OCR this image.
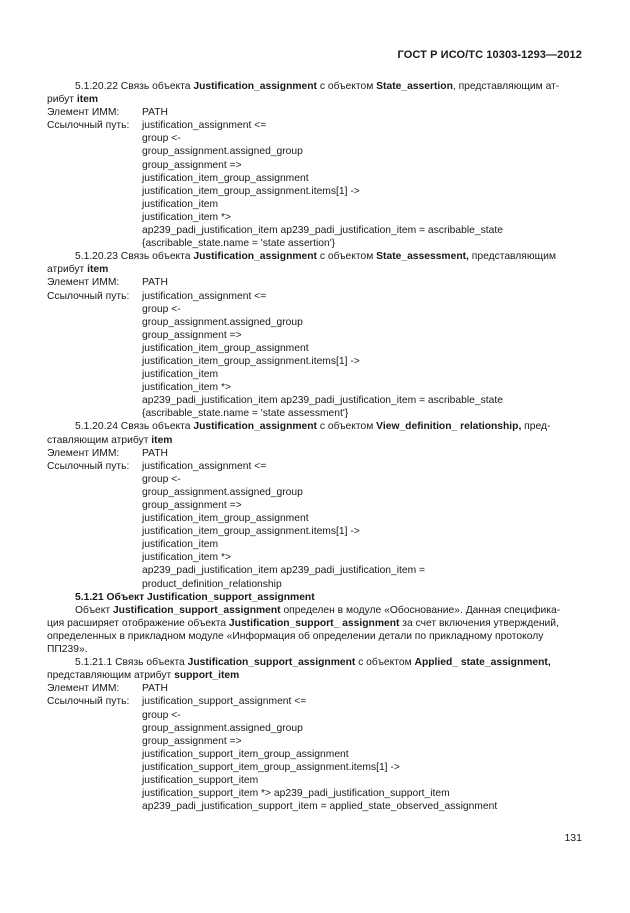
ГОСТ Р ИСО/ТС 10303-1293—2012

5.1.20.22 Связь объекта Justification_assignment с объектом State_assertion, представляющим ат-

рибут item

Элемент ИММ:	PATH
Ссылочный путь:	justification_assignment <=
group <-
group_assignment.assigned_group
group_assignment =>
justification_item_group_assignment
justification_item_group_assignment.items[1] ->
justification_item
justification_item *>
ap239_padi_justification_item ap239_padi_justification_item = ascribable_state
{ascribable_state.name = 'state assertion'}

5.1.20.23 Связь объекта Justification_assignment с объектом State_assessment, представляющим

атрибут item

Элемент ИММ:	PATH
Ссылочный путь:	justification_assignment <=
group <-
group_assignment.assigned_group
group_assignment =>
justification_item_group_assignment
justification_item_group_assignment.items[1] ->
justification_item
justification_item *>
ap239_padi_justification_item ap239_padi_justification_item = ascribable_state
{ascribable_state.name = 'state assessment'}

5.1.20.24 Связь объекта Justification_assignment с объектом View_definition_ relationship, пред-

ставляющим атрибут item

Элемент ИММ:	PATH
Ссылочный путь:	justification_assignment <=
group <-
group_assignment.assigned_group
group_assignment =>
justification_item_group_assignment
justification_item_group_assignment.items[1] ->
justification_item
justification_item *>
ap239_padi_justification_item ap239_padi_justification_item =
product_definition_relationship

5.1.21 Объект Justification_support_assignment

Объект Justification_support_assignment определен в модуле «Обоснование». Данная специфика-

ция расширяет отображение объекта Justification_support_ assignment за счет включения утверждений,

определенных в прикладном модуле «Информация об определении детали по прикладному протоколу

ПП239».

5.1.21.1 Связь объекта Justification_support_assignment с объектом Applied_ state_assignment,

представляющим атрибут support_item

Элемент ИММ:	PATH
Ссылочный путь:	justification_support_assignment <=
group <-
group_assignment.assigned_group
group_assignment =>
justification_support_item_group_assignment
justification_support_item_group_assignment.items[1] ->
justification_support_item
justification_support_item *> ap239_padi_justification_support_item
ap239_padi_justification_support_item = applied_state_observed_assignment
131
